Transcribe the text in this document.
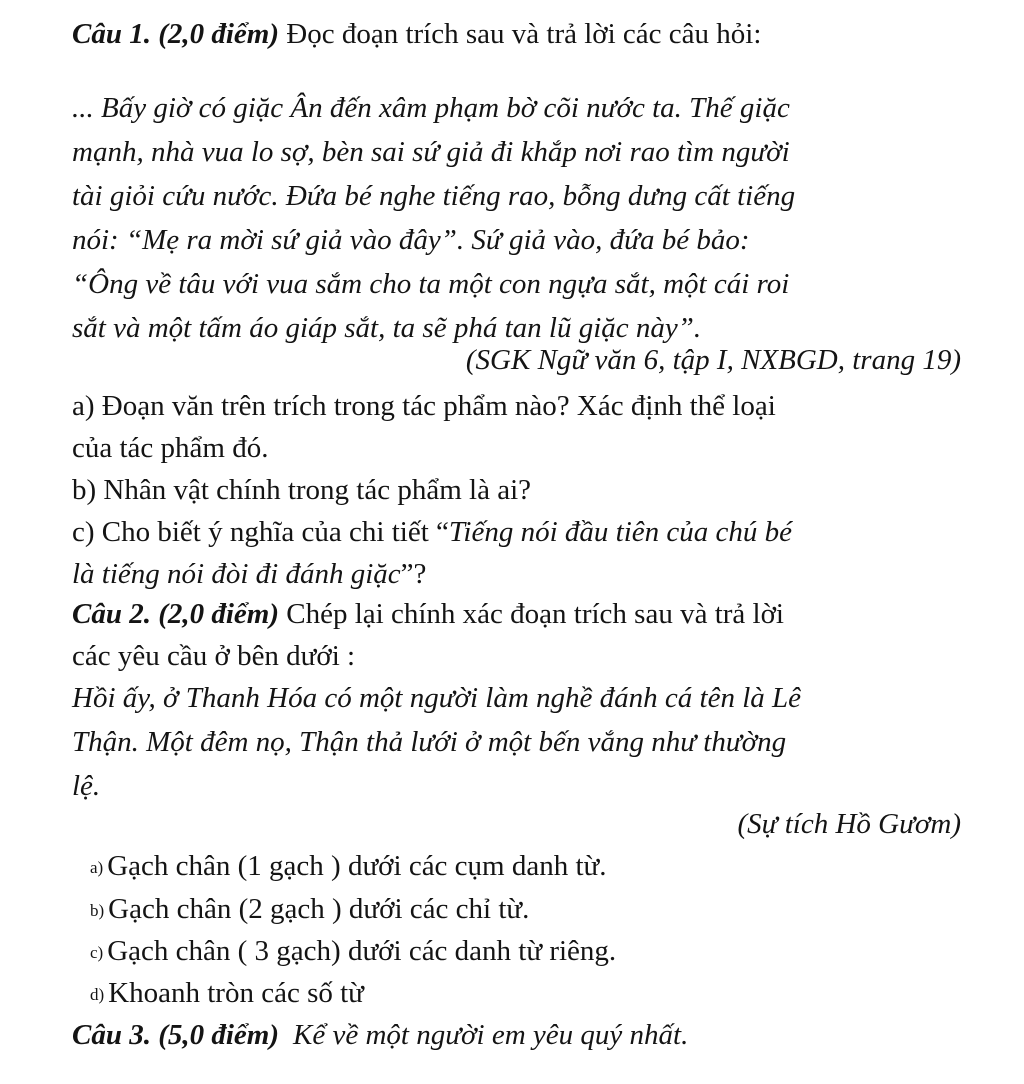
Câu 1. (2,0 điểm) Đọc đoạn trích sau và trả lời các câu hỏi:
... Bấy giờ có giặc Ân đến xâm phạm bờ cõi nước ta. Thế giặc
mạnh, nhà vua lo sợ, bèn sai sứ giả đi khắp nơi rao tìm người
tài giỏi cứu nước. Đứa bé nghe tiếng rao, bỗng dưng cất tiếng
nói: “Mẹ ra mời sứ giả vào đây”. Sứ giả vào, đứa bé bảo:
“Ông về tâu với vua sắm cho ta một con ngựa sắt, một cái roi
sắt và một tấm áo giáp sắt, ta sẽ phá tan lũ giặc này”.
(SGK Ngữ văn 6, tập I, NXBGD, trang 19)
a) Đoạn văn trên trích trong tác phẩm nào? Xác định thể loại
của tác phẩm đó.
b) Nhân vật chính trong tác phẩm là ai?
c) Cho biết ý nghĩa của chi tiết “Tiếng nói đầu tiên của chú bé
là tiếng nói đòi đi đánh giặc”?
Câu 2. (2,0 điểm) Chép lại chính xác đoạn trích sau và trả lời
các yêu cầu ở bên dưới :
Hồi ấy, ở Thanh Hóa có một người làm nghề đánh cá tên là Lê
Thận. Một đêm nọ, Thận thả lưới ở một bến vắng như thường
lệ.
(Sự tích Hồ Gươm)
a) Gạch chân (1 gạch ) dưới các cụm danh từ.
b) Gạch chân (2 gạch ) dưới các chỉ từ.
c) Gạch chân ( 3 gạch) dưới các danh từ riêng.
d) Khoanh tròn các số từ
Câu 3. (5,0 điểm) Kể về một người em yêu quý nhất.
